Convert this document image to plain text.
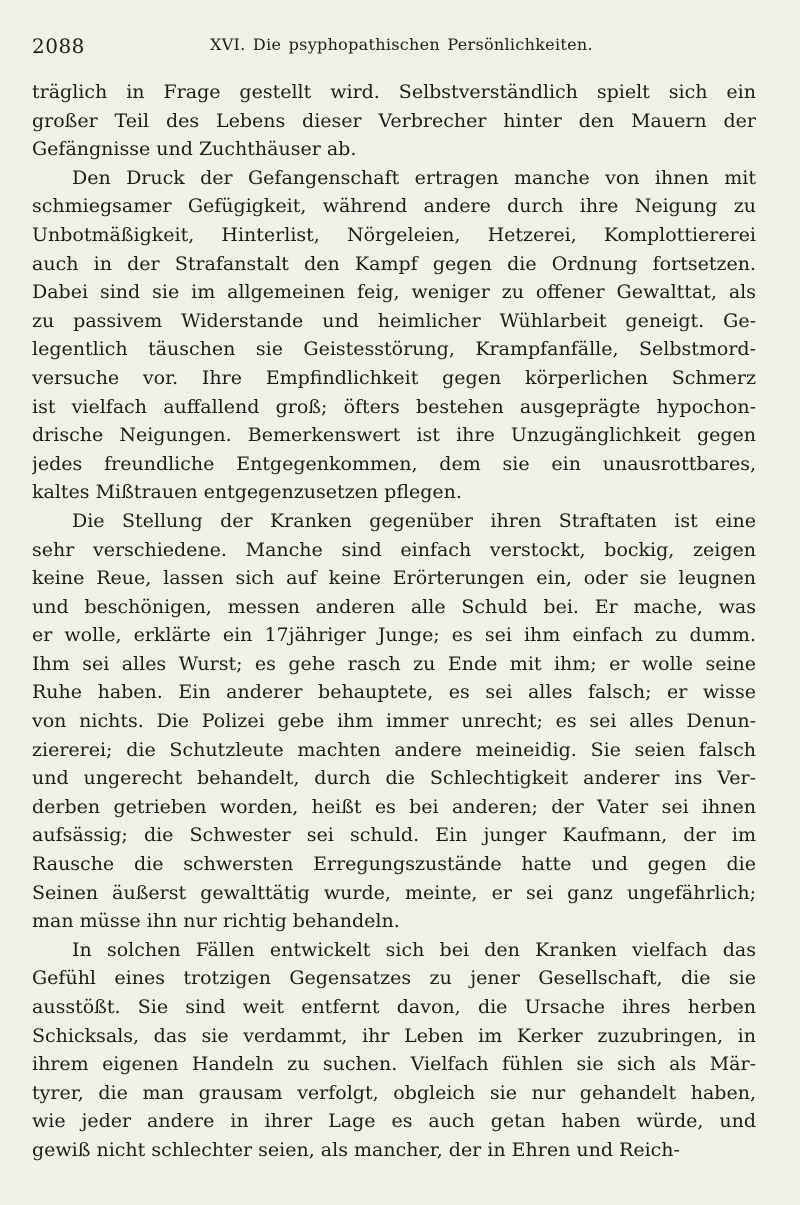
2088	XVI. Die psyphopathischen Persönlichkeiten.
träglich in Frage gestellt wird. Selbstverständlich spielt sich ein
großer Teil des Lebens dieser Verbrecher hinter den Mauern der
Gefängnisse und Zuchthäuser ab.
Den Druck der Gefangenschaft ertragen manche von ihnen mit
schmiegsamer Gefügigkeit, während andere durch ihre Neigung zu
Unbotmäßigkeit, Hinterlist, Nörgeleien, Hetzerei, Komplottiererei
auch in der Strafanstalt den Kampf gegen die Ordnung fortsetzen.
Dabei sind sie im allgemeinen feig, weniger zu offener Gewalttat, als
zu passivem Widerstande und heimlicher Wühlarbeit geneigt. Ge-
legentlich täuschen sie Geistesstörung, Krampfanfälle, Selbstmord-
versuche vor. Ihre Empfindlichkeit gegen körperlichen Schmerz
ist vielfach auffallend groß; öfters bestehen ausgeprägte hypochon-
drische Neigungen. Bemerkenswert ist ihre Unzugänglichkeit gegen
jedes freundliche Entgegenkommen, dem sie ein unausrottbares,
kaltes Mißtrauen entgegenzusetzen pflegen.
Die Stellung der Kranken gegenüber ihren Straftaten ist eine
sehr verschiedene. Manche sind einfach verstockt, bockig, zeigen
keine Reue, lassen sich auf keine Erörterungen ein, oder sie leugnen
und beschönigen, messen anderen alle Schuld bei. Er mache, was
er wolle, erklärte ein 17jähriger Junge; es sei ihm einfach zu dumm.
Ihm sei alles Wurst; es gehe rasch zu Ende mit ihm; er wolle seine
Ruhe haben. Ein anderer behauptete, es sei alles falsch; er wisse
von nichts. Die Polizei gebe ihm immer unrecht; es sei alles Denun-
ziererei; die Schutzleute machten andere meineidig. Sie seien falsch
und ungerecht behandelt, durch die Schlechtigkeit anderer ins Ver-
derben getrieben worden, heißt es bei anderen; der Vater sei ihnen
aufsässig; die Schwester sei schuld. Ein junger Kaufmann, der im
Rausche die schwersten Erregungszustände hatte und gegen die
Seinen äußerst gewalttätig wurde, meinte, er sei ganz ungefährlich;
man müsse ihn nur richtig behandeln.
In solchen Fällen entwickelt sich bei den Kranken vielfach das
Gefühl eines trotzigen Gegensatzes zu jener Gesellschaft, die sie
ausstößt. Sie sind weit entfernt davon, die Ursache ihres herben
Schicksals, das sie verdammt, ihr Leben im Kerker zuzubringen, in
ihrem eigenen Handeln zu suchen. Vielfach fühlen sie sich als Mär-
tyrer, die man grausam verfolgt, obgleich sie nur gehandelt haben,
wie jeder andere in ihrer Lage es auch getan haben würde, und
gewiß nicht schlechter seien, als mancher, der in Ehren und Reich-
